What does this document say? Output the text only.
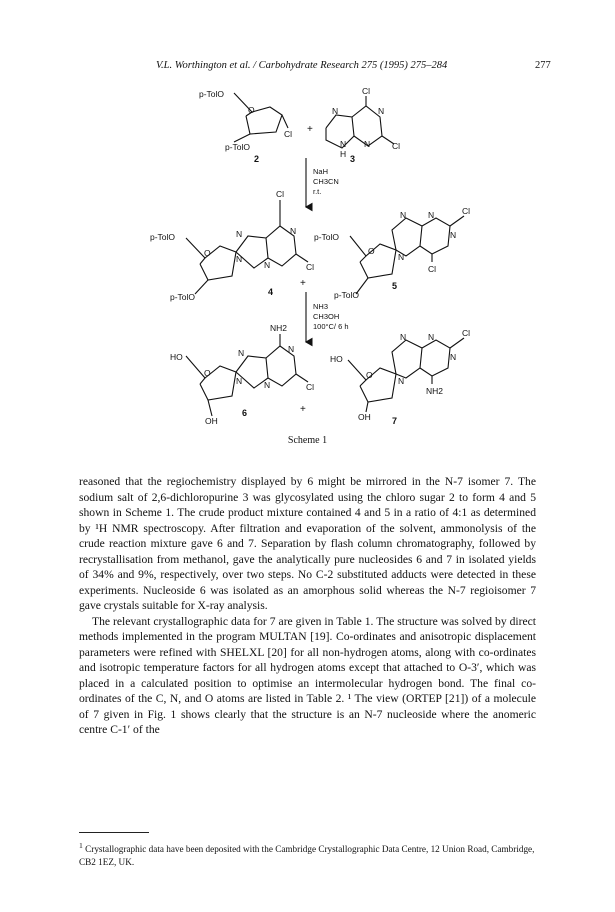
V.L. Worthington et al. / Carbohydrate Research 275 (1995) 275–284	277
p-TolO
O
Cl
p-TolO
2
+
Cl
N	N
N
H
N	Cl
3
NaH
CH3CN
r.t.
Cl
N	N
p-TolO
O
N
N	Cl
p-TolO	4
+
p-TolO
O
N	N	Cl
N
N
Cl
p-TolO
5
NH3
CH3OH
100°C/ 6 h
NH2
N	N
HO
O
N	N	Cl
OH
6	+
HO
O
N	N	Cl
N
N
NH2
OH 7
Scheme 1

reasoned that the regiochemistry displayed by 6 might be mirrored in the N-7 isomer 7. The sodium salt of 2,6-dichloropurine 3 was glycosylated using the chloro sugar 2 to form 4 and 5 shown in Scheme 1. The crude product mixture contained 4 and 5 in a ratio of 4:1 as determined by ¹H NMR spectroscopy. After filtration and evaporation of the solvent, ammonolysis of the crude reaction mixture gave 6 and 7. Separation by flash column chromatography, followed by recrystallisation from methanol, gave the analytically pure nucleosides 6 and 7 in isolated yields of 34% and 9%, respectively, over two steps. No C-2 substituted adducts were detected in these experiments. Nucleoside 6 was isolated as an amorphous solid whereas the N-7 regioisomer 7 gave crystals suitable for X-ray analysis.

The relevant crystallographic data for 7 are given in Table 1. The structure was solved by direct methods implemented in the program MULTAN [19]. Co-ordinates and anisotropic displacement parameters were refined with SHELXL [20] for all non-hydrogen atoms, along with co-ordinates and isotropic temperature factors for all hydrogen atoms except that attached to O-3′, which was placed in a calculated position to optimise an intermolecular hydrogen bond. The final co-ordinates of the C, N, and O atoms are listed in Table 2. ¹ The view (ORTEP [21]) of a molecule of 7 given in Fig. 1 shows clearly that the structure is an N-7 nucleoside where the anomeric centre C-1′ of the

$^1$ Crystallographic data have been deposited with the Cambridge Crystallographic Data Centre, 12 Union Road, Cambridge, CB2 1EZ, UK.
